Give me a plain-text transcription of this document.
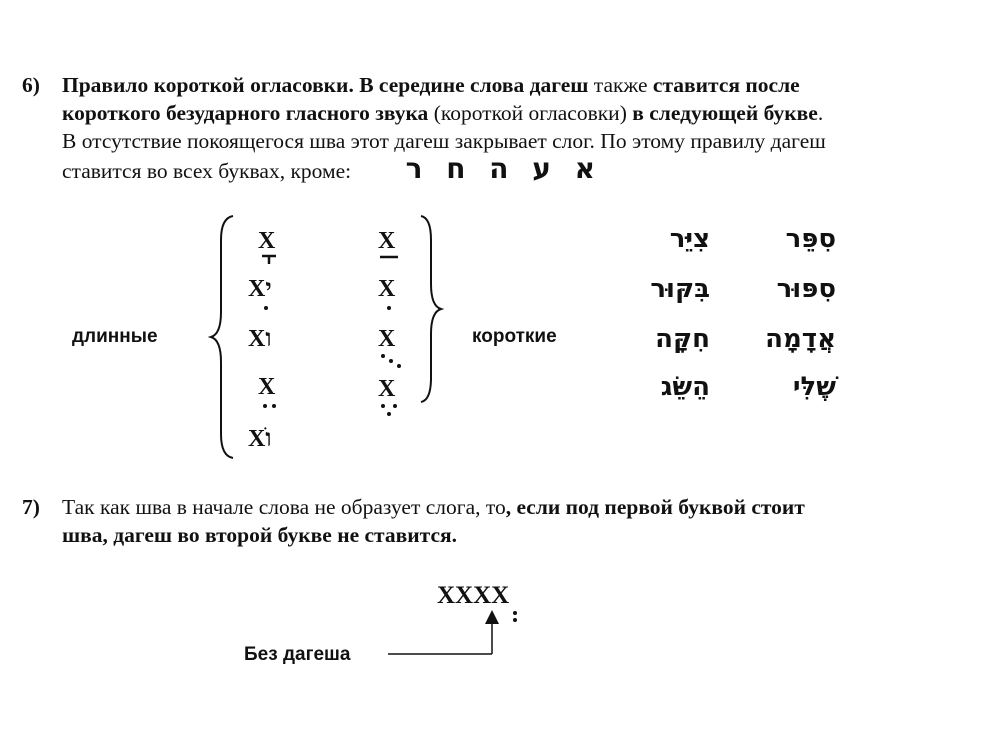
6) Правило короткой огласовки. В середине слова дагеш также ставится после
короткого безударного гласного звука (короткой огласовки) в следующей букве.
В отсутствие покоящегося шва этот дагеш закрывает слог. По этому правилу дагеш
ставится во всех буквах, кроме: א ע ה ח ר
длинные	короткие
X
Xי
Xו
X
Xׂו
X
X
X
X
צִיֵּר
בִּקּוּר
חִקָּה
הֵשֵּׂג
סִפֵּר
סִפּוּר
אֲדָמָה
שֶׁלִּי
7) Так как шва в начале слова не образует слога, то, если под первой буквой стоит
шва, дагеш во второй букве не ставится.
XXXX
Без дагеша
